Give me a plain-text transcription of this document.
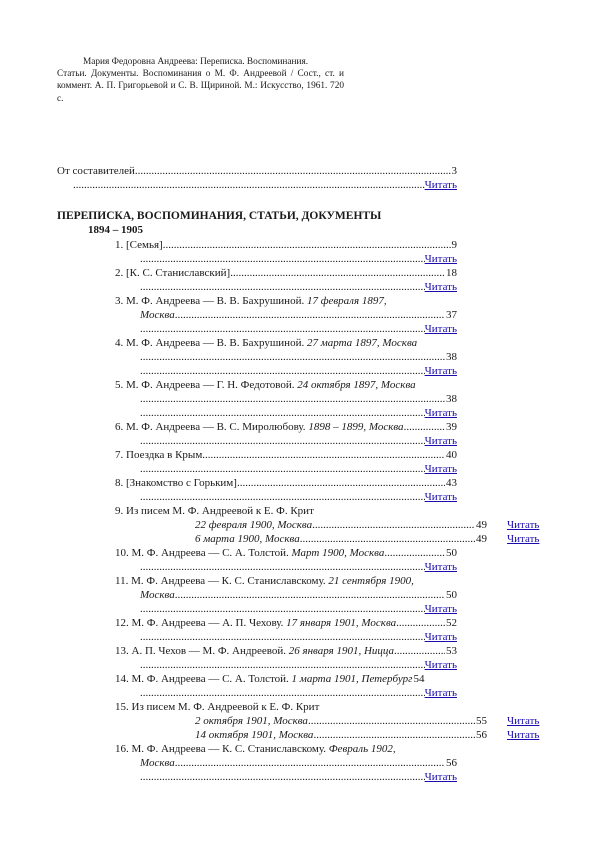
Мария Федоровна Андреева: Переписка. Воспоминания.
Статьи. Документы. Воспоминания о М. Ф. Андреевой / Сост., ст. и коммент. А. П. Григорьевой и С. В. Щириной. М.: Искусство, 1961. 720 с.
От составителей .....	3
.....
Читать
ПЕРЕПИСКА, ВОСПОМИНАНИЯ, СТАТЬИ, ДОКУМЕНТЫ
1894 – 1905
1. [Семья] .....	9
.....
Читать
2. [К. С. Станиславский] .....	18
.....
Читать
3. М. Ф. Андреева — В. В. Бахрушиной. 17 февраля 1897,
Москва .....	37
.....
Читать
4. М. Ф. Андреева — В. В. Бахрушиной. 27 марта 1897, Москва
.....
38
.....
Читать
5. М. Ф. Андреева — Г. Н. Федотовой. 24 октября 1897, Москва
.....
38
.....
Читать
6. М. Ф. Андреева — В. С. Миролюбову.
1898 – 1899, Москва .....	39
.....
Читать
7. Поездка в Крым .....	40
.....
Читать
8. [Знакомство с Горьким] .....	43
.....
Читать
9. Из писем М. Ф. Андреевой к Е. Ф. Крит
22 февраля 1900, Москва .....	49 Читать
6 марта 1900, Москва .....	49 Читать
10. М. Ф. Андреева — С. А. Толстой.
Март 1900, Москва .....	50
.....
Читать
11. М. Ф. Андреева — К. С. Станиславскому. 21 сентября 1900,
Москва .....	50
.....
Читать
12. М. Ф. Андреева — А. П. Чехову.
17 января 1901, Москва .....	52
.....
Читать
13. А. П. Чехов — М. Ф. Андреевой.
26 января 1901, Ницца .....	53
.....
Читать
14. М. Ф. Андреева — С. А. Толстой.
1 марта 1901, Петербург 54
.....
Читать
15. Из писем М. Ф. Андреевой к Е. Ф. Крит
2 октября 1901, Москва .....	55 Читать
14 октября 1901, Москва .....	56 Читать
16. М. Ф. Андреева — К. С. Станиславскому. Февраль 1902,
Москва .....	56
.....
Читать
